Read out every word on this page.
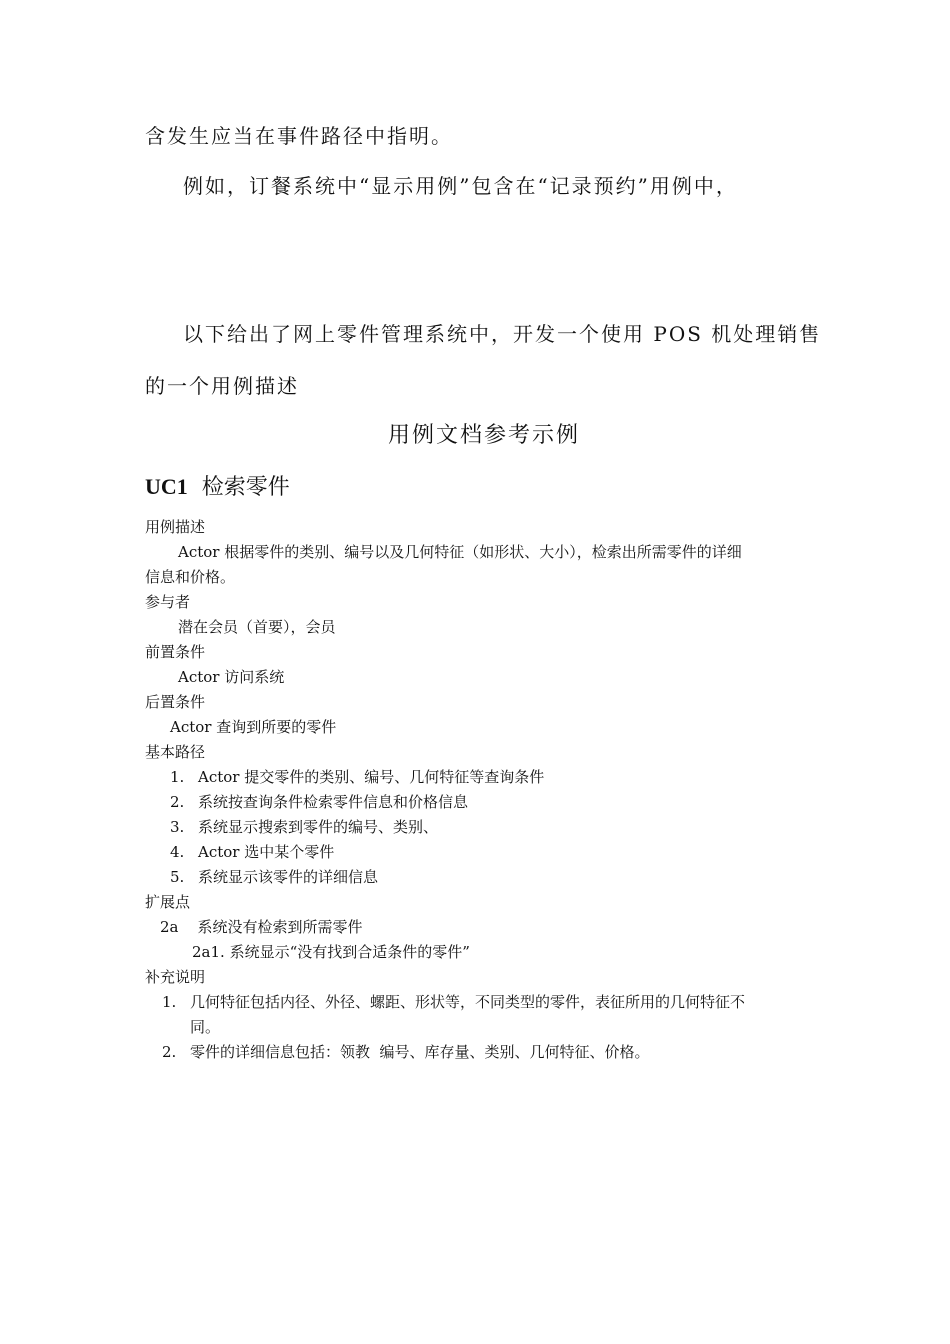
含发生应当在事件路径中指明。
例如，订餐系统中“显示用例”包含在“记录预约”用例中，
以下给出了网上零件管理系统中，开发一个使用 POS 机处理销售
的一个用例描述
用例文档参考示例
UC1 检索零件
用例描述
Actor 根据零件的类别、编号以及几何特征（如形状、大小），检索出所需零件的详细
信息和价格。
参与者
潜在会员（首要），会员
前置条件
Actor 访问系统
后置条件
Actor 查询到所要的零件
基本路径
1. Actor 提交零件的类别、编号、几何特征等查询条件
2. 系统按查询条件检索零件信息和价格信息
3. 系统显示搜索到零件的编号、类别、
4. Actor 选中某个零件
5. 系统显示该零件的详细信息
扩展点
2a    系统没有检索到所需零件
2a1. 系统显示“没有找到合适条件的零件”
补充说明
1. 几何特征包括内径、外径、螺距、形状等，不同类型的零件，表征所用的几何特征不
同。
2. 零件的详细信息包括：领教  编号、库存量、类别、几何特征、价格。
